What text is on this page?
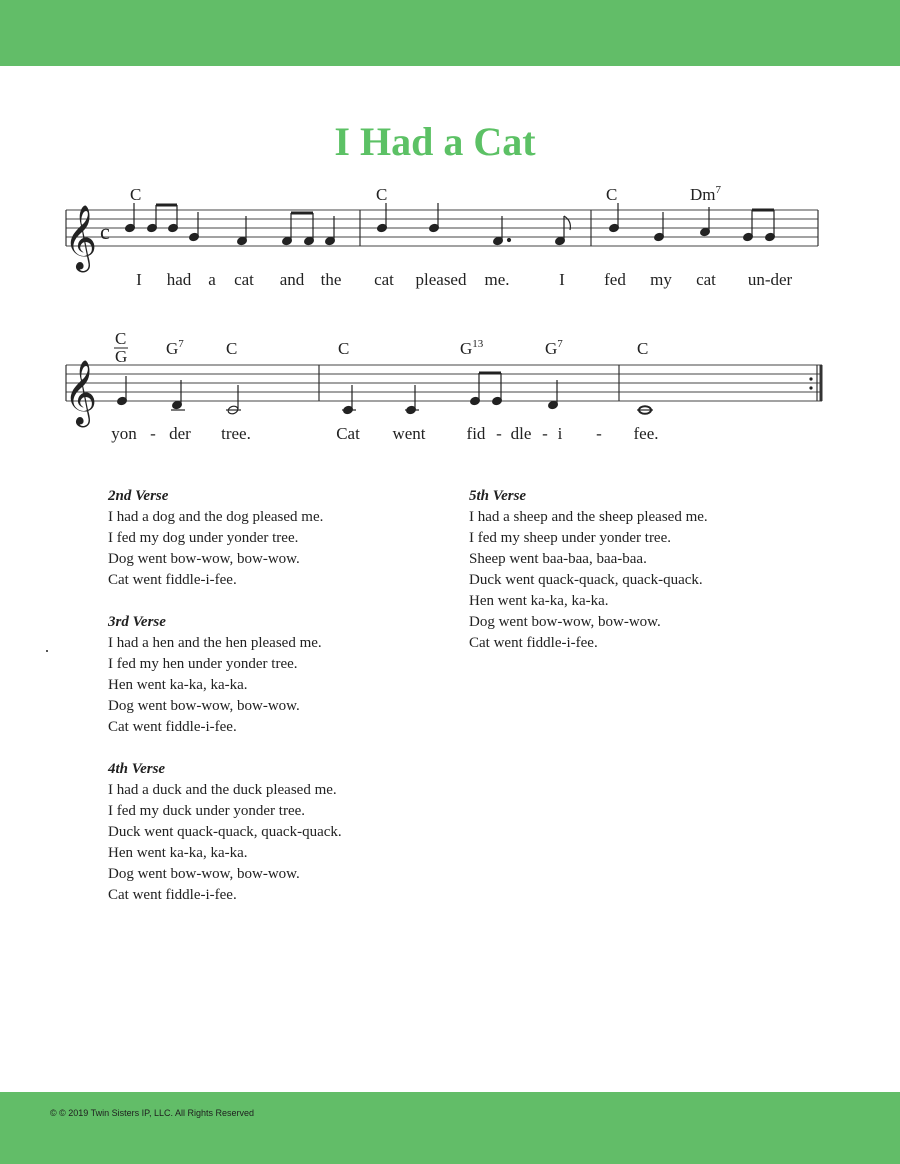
I Had a Cat
𝄞 c
C	C	C	Dm$^7$
I had a cat and the cat pleased me.	I fed my cat un-der
𝄞
C
G $G^7$ C	C	$G^{13}$	$G^7$	C
yon - der tree.	Cat went fid - dle - i - fee.
2nd Verse
I had a dog and the dog pleased me.
I fed my dog under yonder tree.
Dog went bow-wow, bow-wow.
Cat went fiddle-i-fee.
3rd Verse
I had a hen and the hen pleased me.
I fed my hen under yonder tree.
Hen went ka-ka, ka-ka.
Dog went bow-wow, bow-wow.
Cat went fiddle-i-fee.
4th Verse
I had a duck and the duck pleased me.
I fed my duck under yonder tree.
Duck went quack-quack, quack-quack.
Hen went ka-ka, ka-ka.
Dog went bow-wow, bow-wow.
Cat went fiddle-i-fee.
5th Verse
I had a sheep and the sheep pleased me.
I fed my sheep under yonder tree.
Sheep went baa-baa, baa-baa.
Duck went quack-quack, quack-quack.
Hen went ka-ka, ka-ka.
Dog went bow-wow, bow-wow.
Cat went fiddle-i-fee.
© © 2019 Twin Sisters IP, LLC. All Rights Reserved
